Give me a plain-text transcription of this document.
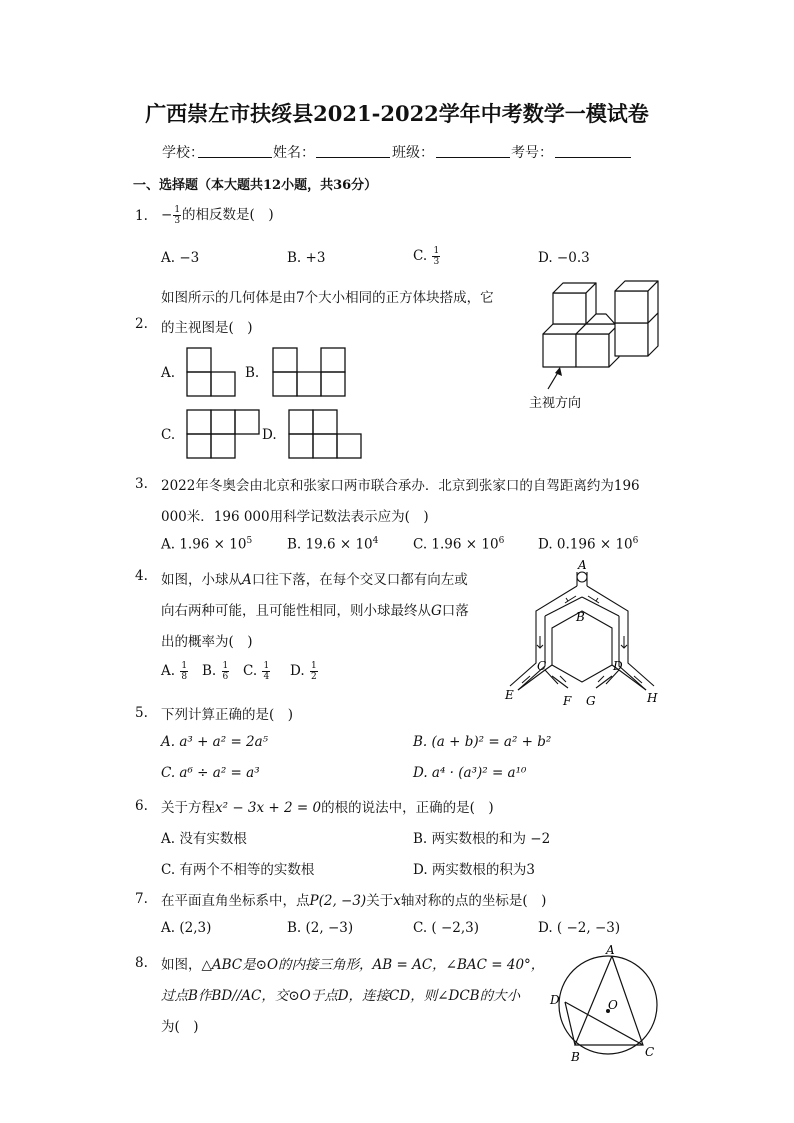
广西崇左市扶绥县2021-2022学年中考数学一模试卷
学校：	姓名：	班级：	考号：
一、选择题（本大题共12小题，共36分）
1. − $\frac{1}{3}$ 的相反数是(　)
A. −3	B. +3	C. $\frac{1}{3}$	D. −0.3
2.
如图所示的几何体是由7个大小相同的正方体块搭成，它
的主视图是(　)
A.	B.
C.	D.
主视方向
3. 2022年冬奥会由北京和张家口两市联合承办．北京到张家口的自驾距离约为196
000米．196 000用科学记数法表示应为(　)
A. $1.96 \times 10^5$	B. $19.6 \times 10^4$	C. $1.96 \times 10^6$ D. $0.196 \times 10^6$
4. 如图，小球从A口往下落，在每个交叉口都有向左或
向右两种可能，且可能性相同，则小球最终从G口落
出的概率为(　)
A. $\frac{1}{8} B$. $\frac{1}{6} C$. $\frac{1}{4} D$. $\frac{1}{2}$
A
B
C	D
E	F G	H
5. 下列计算正确的是(　)
A. a³ + a² = 2a⁵	B. (a + b)² = a² + b²
C. a⁶ ÷ a² = a³	D. a⁴ · (a³)² = a¹⁰
6. 关于方程x² − 3x + 2 = 0的根的说法中，正确的是(　)
A. 没有实数根	B. 两实数根的和为 −2
C. 有两个不相等的实数根	D. 两实数根的积为3
7. 在平面直角坐标系中，点P(2, −3)关于x轴对称的点的坐标是(　)
A. (2,3)	B. (2, −3)	C. ( −2,3)	D. ( −2, −3)
8. 如图，△ABC是⊙O的内接三角形，AB = AC，∠BAC = 40°，
过点B作BD//AC，交⊙O于点D，连接CD，则∠DCB的大小
为(　)
A
D	O
B	C
